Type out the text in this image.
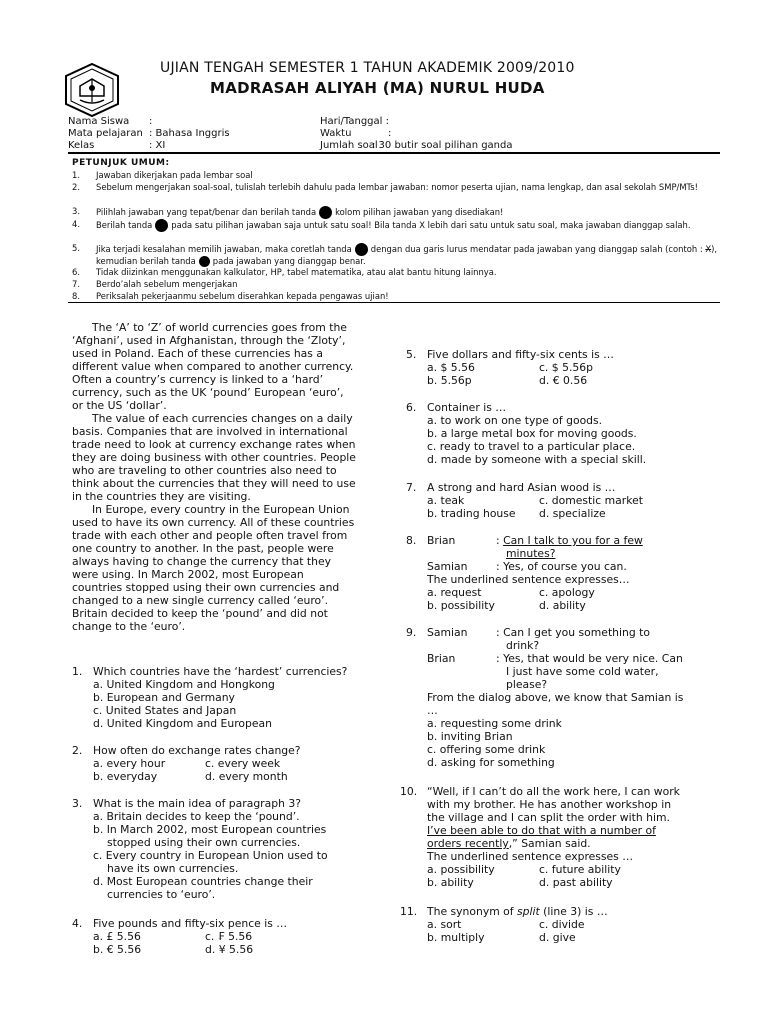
UJIAN TENGAH SEMESTER 1 TAHUN AKADEMIK 2009/2010
MADRASAH ALIYAH (MA) NURUL HUDA
Nama Siswa :
Mata pelajaran : Bahasa Inggris
Kelas	: XI
Hari/Tanggal :
Waktu	:
Jumlah soal
: 30 butir soal pilihan ganda
PETUNJUK UMUM:
1. Jawaban dikerjakan pada lembar soal
2. Sebelum mengerjakan soal-soal, tulislah terlebih dahulu pada lembar jawaban: nomor peserta ujian, nama lengkap, dan asal sekolah SMP/MTs!
3. Pilihlah jawaban yang tepat/benar dan berilah tanda kolom pilihan jawaban yang disediakan!
4. Berilah tanda pada satu pilihan jawaban saja untuk satu soal! Bila tanda X lebih dari satu untuk satu soal, maka jawaban dianggap salah.
5. Jika terjadi kesalahan memilih jawaban, maka coretlah tanda dengan dua garis lurus mendatar pada jawaban yang dianggap salah (contoh : X), kemudian berilah tanda pada jawaban yang dianggap benar.
6. Tidak diizinkan menggunakan kalkulator, HP, tabel matematika, atau alat bantu hitung lainnya.
7. Berdo’alah sebelum mengerjakan
8. Periksalah pekerjaanmu sebelum diserahkan kepada pengawas ujian!

The ‘A’ to ‘Z’ of world currencies goes from the ‘Afghani’, used in Afghanistan, through the ‘Zloty’, used in Poland. Each of these currencies has a different value when compared to another currency. Often a country’s currency is linked to a ‘hard’ currency, such as the UK ‘pound’ European ‘euro’, or the US ‘dollar’.

The value of each currencies changes on a daily basis. Companies that are involved in international trade need to look at currency exchange rates when they are doing business with other countries. People who are traveling to other countries also need to think about the currencies that they will need to use in the countries they are visiting.

In Europe, every country in the European Union used to have its own currency. All of these countries trade with each other and people often travel from one country to another. In the past, people were always having to change the currency that they were using. In March 2002, most European countries stopped using their own currencies and changed to a new single currency called ‘euro’. Britain decided to keep the ‘pound’ and did not change to the ‘euro’.

1. Which countries have the ‘hardest’ currencies?
a. United Kingdom and Hongkong
b. European and Germany
c. United States and Japan
d. United Kingdom and European
2. How often do exchange rates change?
a. every hour	c. every week
b. everyday	d. every month
3. What is the main idea of paragraph 3?
a. Britain decides to keep the ‘pound’.
b. In March 2002, most European countries
stopped using their own currencies.
c. Every country in European Union used to
have its own currencies.
d. Most European countries change their
currencies to ‘euro’.
4. Five pounds and fifty-six pence is …
a. £ 5.56	c. ₣ 5.56
b. € 5.56	d. ¥ 5.56
5. Five dollars and fifty-six cents is …
a. $ 5.56	c. $ 5.56p
b. 5.56p	d. € 0.56
6. Container is …
a. to work on one type of goods.
b. a large metal box for moving goods.
c. ready to travel to a particular place.
d. made by someone with a special skill.
7. A strong and hard Asian wood is …
a. teak	c. domestic market
b. trading house	d. specialize
8. Brian	: Can I talk to you for a few
minutes?
Samian	: Yes, of course you can.
The underlined sentence expresses…
a. request	c. apology
b. possibility	d. ability
9. Samian	: Can I get you something to
drink?
Brian	: Yes, that would be very nice. Can
I just have some cold water,
please?
From the dialog above, we know that Samian is
…
a. requesting some drink
b. inviting Brian
c. offering some drink
d. asking for something
10. “Well, if I can’t do all the work here, I can work
with my brother. He has another workshop in
the village and I can split the order with him.
I’ve been able to do that with a number of
orders recently,” Samian said.
The underlined sentence expresses …
a. possibility	c. future ability
b. ability	d. past ability
11. The synonym of split (line 3) is …
a. sort	c. divide
b. multiply	d. give
